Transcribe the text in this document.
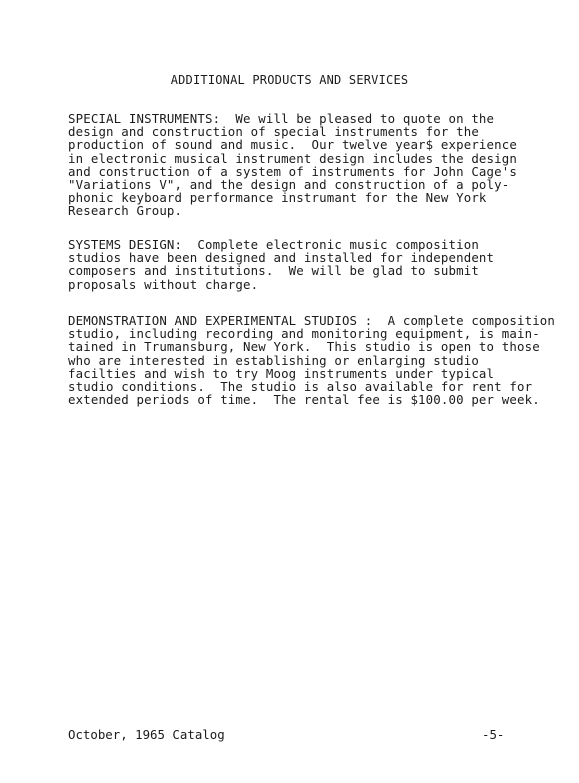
ADDITIONAL PRODUCTS AND SERVICES
SPECIAL INSTRUMENTS:  We will be pleased to quote on the
design and construction of special instruments for the
production of sound and music.  Our twelve year$ experience
in electronic musical instrument design includes the design
and construction of a system of instruments for John Cage's
"Variations V", and the design and construction of a poly-
phonic keyboard performance instrumant for the New York
Research Group.
SYSTEMS DESIGN:  Complete electronic music composition
studios have been designed and installed for independent
composers and institutions.  We will be glad to submit
proposals without charge.
DEMONSTRATION AND EXPERIMENTAL STUDIOS :  A complete composition
studio, including recording and monitoring equipment, is main-
tained in Trumansburg, New York.  This studio is open to those
who are interested in establishing or enlarging studio
facilties and wish to try Moog instruments under typical
studio conditions.  The studio is also available for rent for
extended periods of time.  The rental fee is $100.00 per week.
October, 1965 Catalog	-5-
